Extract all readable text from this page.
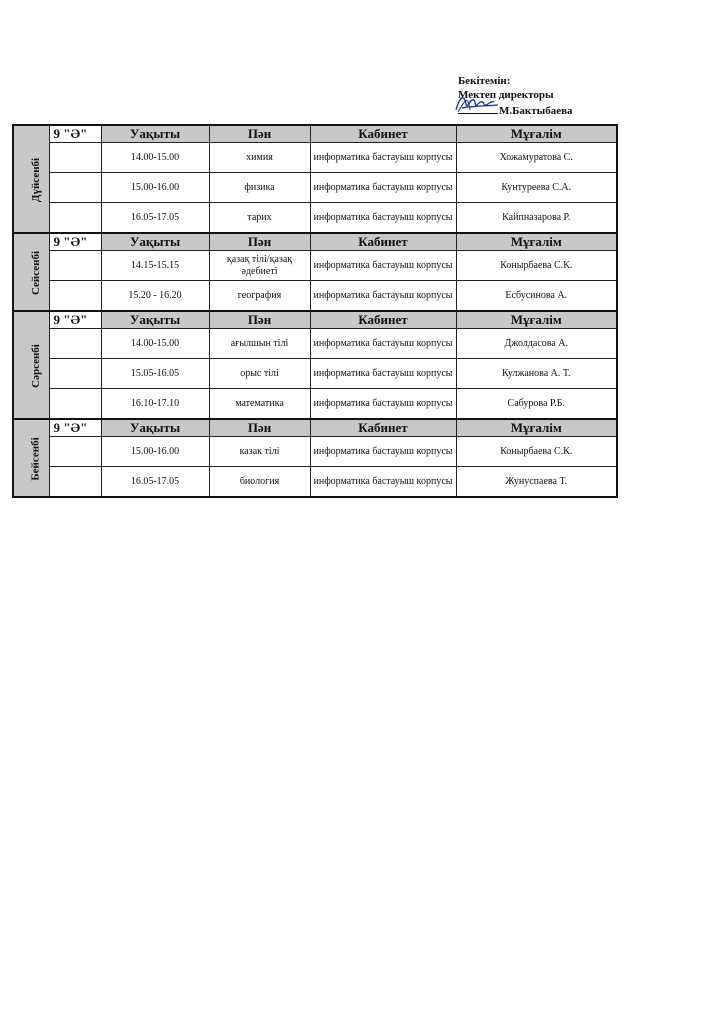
Бекітемін:
Мектеп директоры
М.Бактыбаева
Дүйсенбі	9 "Ә"	Уақыты	Пән	Кабинет	Мұғалім
		14.00-15.00	химия	информатика бастауыш корпусы	Хожамуратова С.
		15.00-16.00	физика	информатика бастауыш корпусы	Кунтуреева С.А.
		16.05-17.05	тарих	информатика бастауыш корпусы	Кайпназарова Р.
Сейсенбі	9 "Ә"	Уақыты	Пән	Кабинет	Мұғалім
		14.15-15.15	қазақ тілі/қазақ әдебиеті	информатика бастауыш корпусы	Конырбаева С.К.
		15.20 - 16.20	география	информатика бастауыш корпусы	Есбусинова А.
Сәрсенбі	9 "Ә"	Уақыты	Пән	Кабинет	Мұғалім
		14.00-15.00	ағылшын тілі	информатика бастауыш корпусы	Джолдасова А.
		15.05-16.05	орыс тілі	информатика бастауыш корпусы	Кулжанова А. Т.
		16.10-17.10	математика	информатика бастауыш корпусы	Сабурова Р.Б.
Бейсенбі	9 "Ә"	Уақыты	Пән	Кабинет	Мұғалім
		15.00-16.00	казак тілі	информатика бастауыш корпусы	Конырбаева С.К.
		16.05-17.05	биология	информатика бастауыш корпусы	Жунуспаева Т.
